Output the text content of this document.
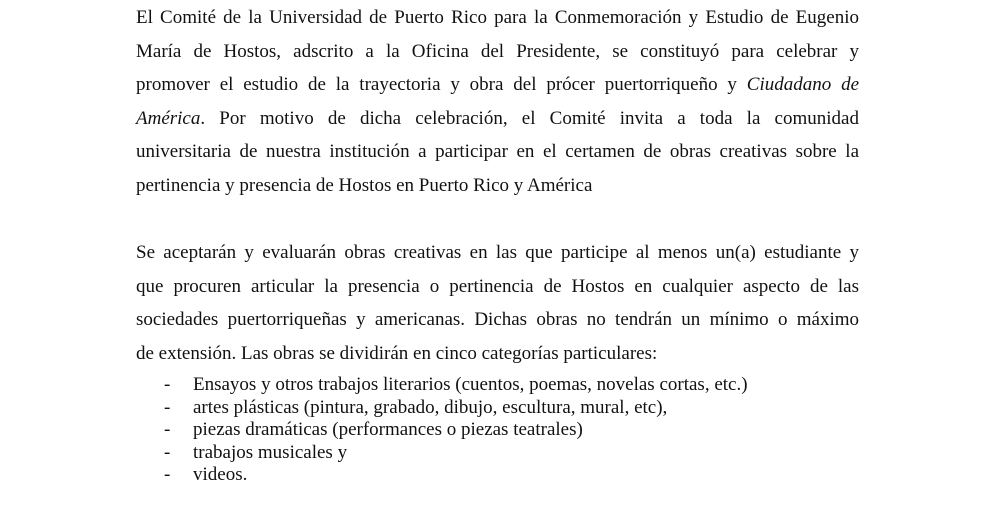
El Comité de la Universidad de Puerto Rico para la Conmemoración y Estudio de Eugenio
María de Hostos, adscrito a la Oficina del Presidente, se constituyó para celebrar y
promover el estudio de la trayectoria y obra del prócer puertorriqueño y Ciudadano de
América. Por motivo de dicha celebración, el Comité invita a toda la comunidad
universitaria de nuestra institución a participar en el certamen de obras creativas sobre la
pertinencia y presencia de Hostos en Puerto Rico y América

Se aceptarán y evaluarán obras creativas en las que participe al menos un(a) estudiante y
que procuren articular la presencia o pertinencia de Hostos en cualquier aspecto de las
sociedades puertorriqueñas y americanas. Dichas obras no tendrán un mínimo o máximo
de extensión. Las obras se dividirán en cinco categorías particulares:

- Ensayos y otros trabajos literarios (cuentos, poemas, novelas cortas, etc.)
- artes plásticas (pintura, grabado, dibujo, escultura, mural, etc),
- piezas dramáticas (performances o piezas teatrales)
- trabajos musicales y
- videos.
